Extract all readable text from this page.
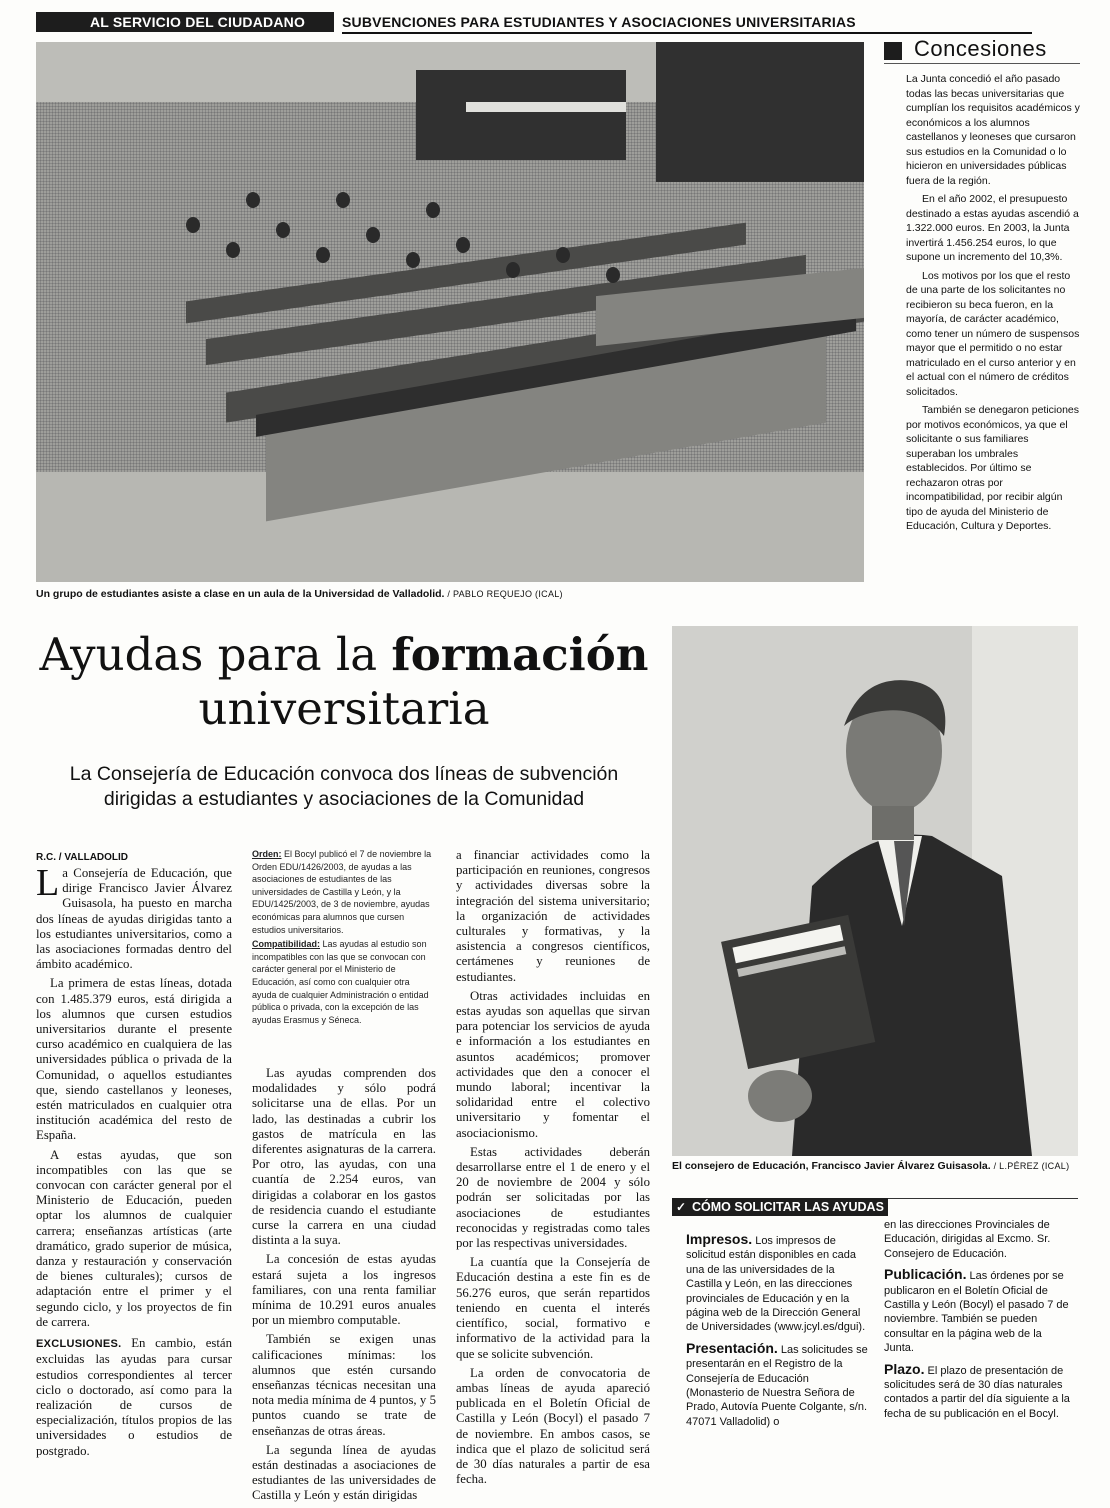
AL SERVICIO DEL CIUDADANO	SUBVENCIONES PARA ESTUDIANTES Y ASOCIACIONES UNIVERSITARIAS
Un grupo de estudiantes asiste a clase en un aula de la Universidad de Valladolid. / PABLO REQUEJO (ICAL)
Concesiones

La Junta concedió el año pasado todas las becas universitarias que cumplían los requisitos académicos y económicos a los alumnos castellanos y leoneses que cursaron sus estudios en la Comunidad o lo hicieron en universidades públicas fuera de la región.

En el año 2002, el presupuesto destinado a estas ayudas ascendió a 1.322.000 euros. En 2003, la Junta invertirá 1.456.254 euros, lo que supone un incremento del 10,3%.

Los motivos por los que el resto de una parte de los solicitantes no recibieron su beca fueron, en la mayoría, de carácter académico, como tener un número de suspensos mayor que el permitido o no estar matriculado en el curso anterior y en el actual con el número de créditos solicitados.

También se denegaron peticiones por motivos económicos, ya que el solicitante o sus familiares superaban los umbrales establecidos. Por último se rechazaron otras por incompatibilidad, por recibir algún tipo de ayuda del Ministerio de Educación, Cultura y Deportes.

Ayudas para la formación
universitaria
La Consejería de Educación convoca dos líneas de subvención dirigidas a estudiantes y asociaciones de la Comunidad
R.C. / VALLADOLID

La Consejería de Educación, que dirige Francisco Javier Álvarez Guisasola, ha puesto en marcha dos líneas de ayudas dirigidas tanto a los estudiantes universitarios, como a las asociaciones formadas dentro del ámbito académico.

La primera de estas líneas, dotada con 1.485.379 euros, está dirigida a los alumnos que cursen estudios universitarios durante el presente curso académico en cualquiera de las universidades pública o privada de la Comunidad, o aquellos estudiantes que, siendo castellanos y leoneses, estén matriculados en cualquier otra institución académica del resto de España.

A estas ayudas, que son incompatibles con las que se convocan con carácter general por el Ministerio de Educación, pueden optar los alumnos de cualquier carrera; enseñanzas artísticas (arte dramático, grado superior de música, danza y restauración y conservación de bienes culturales); cursos de adaptación entre el primer y el segundo ciclo, y los proyectos de fin de carrera.

EXCLUSIONES. En cambio, están excluidas las ayudas para cursar estudios correspondientes al tercer ciclo o doctorado, así como para la realización de cursos de especialización, títulos propios de las universidades o estudios de postgrado.

Orden: El Bocyl publicó el 7 de noviembre la Orden EDU/1426/2003, de ayudas a las asociaciones de estudiantes de las universidades de Castilla y León, y la EDU/1425/2003, de 3 de noviembre, ayudas económicas para alumnos que cursen estudios universitarios.

Compatibilidad: Las ayudas al estudio son incompatibles con las que se convocan con carácter general por el Ministerio de Educación, así como con cualquier otra ayuda de cualquier Administración o entidad pública o privada, con la excepción de las ayudas Erasmus y Séneca.

Las ayudas comprenden dos modalidades y sólo podrá solicitarse una de ellas. Por un lado, las destinadas a cubrir los gastos de matrícula en las diferentes asignaturas de la carrera. Por otro, las ayudas, con una cuantía de 2.254 euros, van dirigidas a colaborar en los gastos de residencia cuando el estudiante curse la carrera en una ciudad distinta a la suya.

La concesión de estas ayudas estará sujeta a los ingresos familiares, con una renta familiar mínima de 10.291 euros anuales por un miembro computable.

También se exigen unas calificaciones mínimas: los alumnos que estén cursando enseñanzas técnicas necesitan una nota media mínima de 4 puntos, y 5 puntos cuando se trate de enseñanzas de otras áreas.

La segunda línea de ayudas están destinadas a asociaciones de estudiantes de las universidades de Castilla y León y están dirigidas

a financiar actividades como la participación en reuniones, congresos y actividades diversas sobre la integración del sistema universitario; la organización de actividades culturales y formativas, y la asistencia a congresos científicos, certámenes y reuniones de estudiantes.

Otras actividades incluidas en estas ayudas son aquellas que sirvan para potenciar los servicios de ayuda e información a los estudiantes en asuntos académicos; promover actividades que den a conocer el mundo laboral; incentivar la solidaridad entre el colectivo universitario y fomentar el asociacionismo.

Estas actividades deberán desarrollarse entre el 1 de enero y el 20 de noviembre de 2004 y sólo podrán ser solicitadas por las asociaciones de estudiantes reconocidas y registradas como tales por las respectivas universidades.

La cuantía que la Consejería de Educación destina a este fin es de 56.276 euros, que serán repartidos teniendo en cuenta el interés científico, social, formativo e informativo de la actividad para la que se solicite subvención.

La orden de convocatoria de ambas líneas de ayuda apareció publicada en el Boletín Oficial de Castilla y León (Bocyl) el pasado 7 de noviembre. En ambos casos, se indica que el plazo de solicitud será de 30 días naturales a partir de esa fecha.

El consejero de Educación, Francisco Javier Álvarez Guisasola. / L.PÉREZ (ICAL)
✓ CÓMO SOLICITAR LAS AYUDAS

Impresos. Los impresos de solicitud están disponibles en cada una de las universidades de la Castilla y León, en las direcciones provinciales de Educación y en la página web de la Dirección General de Universidades (www.jcyl.es/dgui).

Presentación. Las solicitudes se presentarán en el Registro de la Consejería de Educación (Monasterio de Nuestra Señora de Prado, Autovía Puente Colgante, s/n. 47071 Valladolid) o

en las direcciones Provinciales de Educación, dirigidas al Excmo. Sr. Consejero de Educación.

Publicación. Las órdenes por se publicaron en el Boletín Oficial de Castilla y León (Bocyl) el pasado 7 de noviembre. También se pueden consultar en la página web de la Junta.

Plazo. El plazo de presentación de solicitudes será de 30 días naturales contados a partir del día siguiente a la fecha de su publicación en el Bocyl.
